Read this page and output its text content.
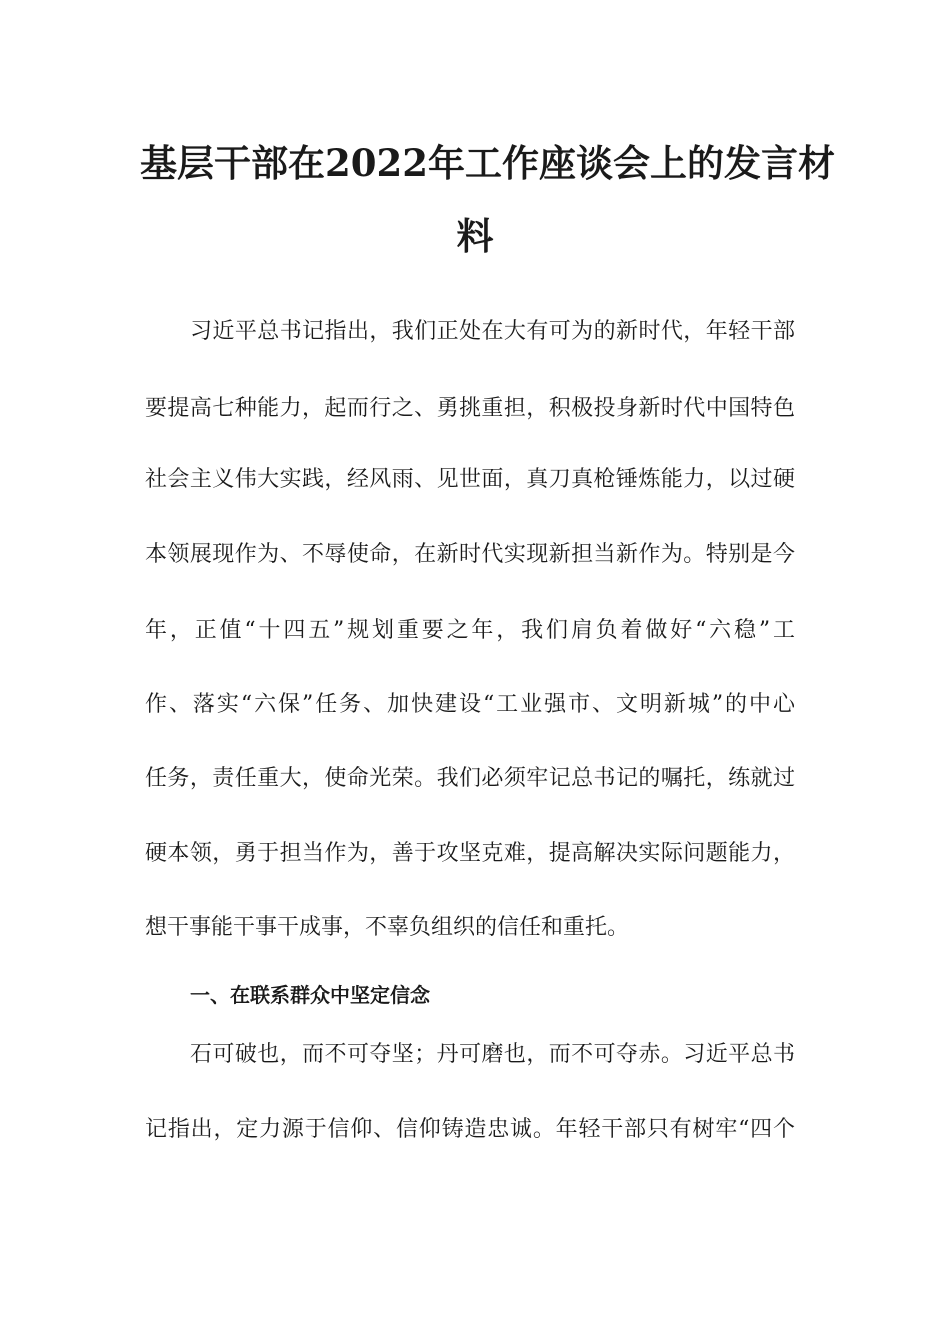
基层干部在2022年工作座谈会上的发言材
料
习近平总书记指出，我们正处在大有可为的新时代，年轻干部
要提高七种能力，起而行之、勇挑重担，积极投身新时代中国特色
社会主义伟大实践，经风雨、见世面，真刀真枪锤炼能力，以过硬
本领展现作为、不辱使命，在新时代实现新担当新作为。特别是今
年，正值“十四五”规划重要之年，我们肩负着做好“六稳”工
作、落实“六保”任务、加快建设“工业强市、文明新城”的中心
任务，责任重大，使命光荣。我们必须牢记总书记的嘱托，练就过
硬本领，勇于担当作为，善于攻坚克难，提高解决实际问题能力，
想干事能干事干成事，不辜负组织的信任和重托。
一、在联系群众中坚定信念
石可破也，而不可夺坚；丹可磨也，而不可夺赤。习近平总书
记指出，定力源于信仰、信仰铸造忠诚。年轻干部只有树牢“四个
